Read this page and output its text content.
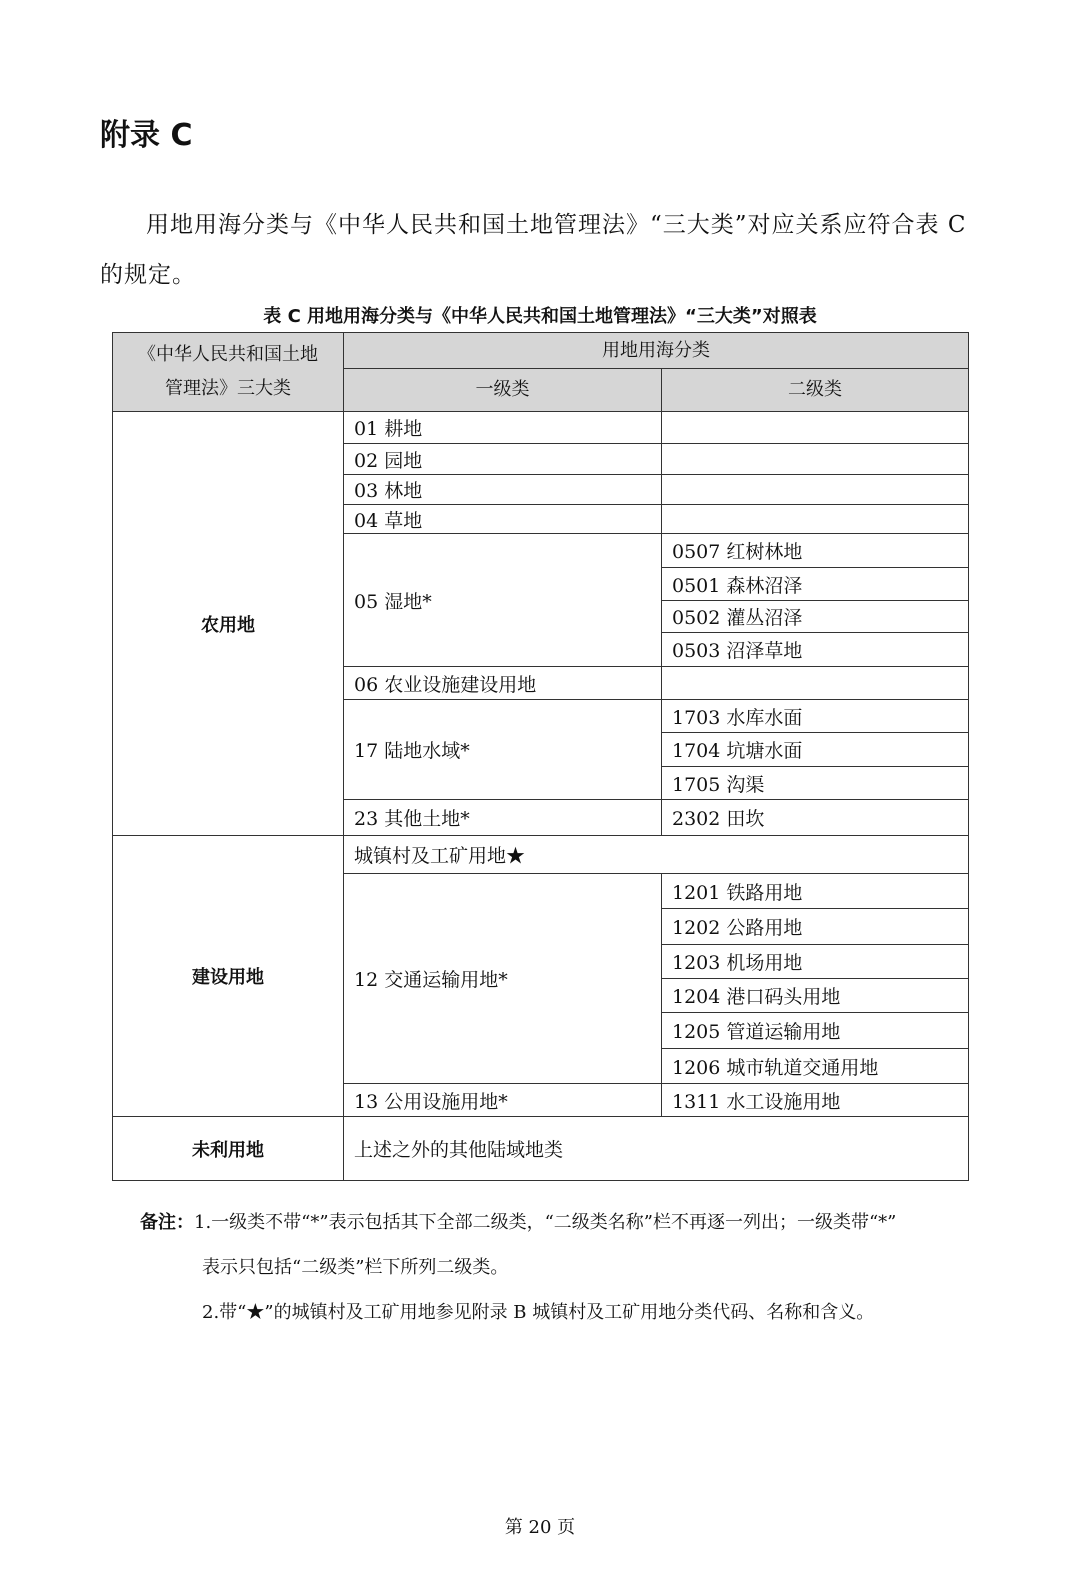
附录 C

用地用海分类与《中华人民共和国土地管理法》“三大类”对应关系应符合表 C 的规定。

表 C 用地用海分类与《中华人民共和国土地管理法》“三大类”对照表
《中华人民共和国土地
管理法》三大类	用地用海分类	
	一级类	二级类
农用地	01 耕地	
	02 园地	
	03 林地	
	04 草地	
	05 湿地*	0507 红树林地
		0501 森林沼泽
		0502 灌丛沼泽
		0503 沼泽草地
	06 农业设施建设用地	
	17 陆地水域*	1703 水库水面
		1704 坑塘水面
		1705 沟渠
	23 其他土地*	2302 田坎
建设用地	城镇村及工矿用地★	
	12 交通运输用地*	1201 铁路用地
		1202 公路用地
		1203 机场用地
		1204 港口码头用地
		1205 管道运输用地
		1206 城市轨道交通用地
	13 公用设施用地*	1311 水工设施用地
未利用地	上述之外的其他陆域地类	
备注：1.一级类不带“*”表示包括其下全部二级类，“二级类名称”栏不再逐一列出；一级类带“*”
表示只包括“二级类”栏下所列二级类。
2.带“★”的城镇村及工矿用地参见附录 B 城镇村及工矿用地分类代码、名称和含义。
第 20 页
